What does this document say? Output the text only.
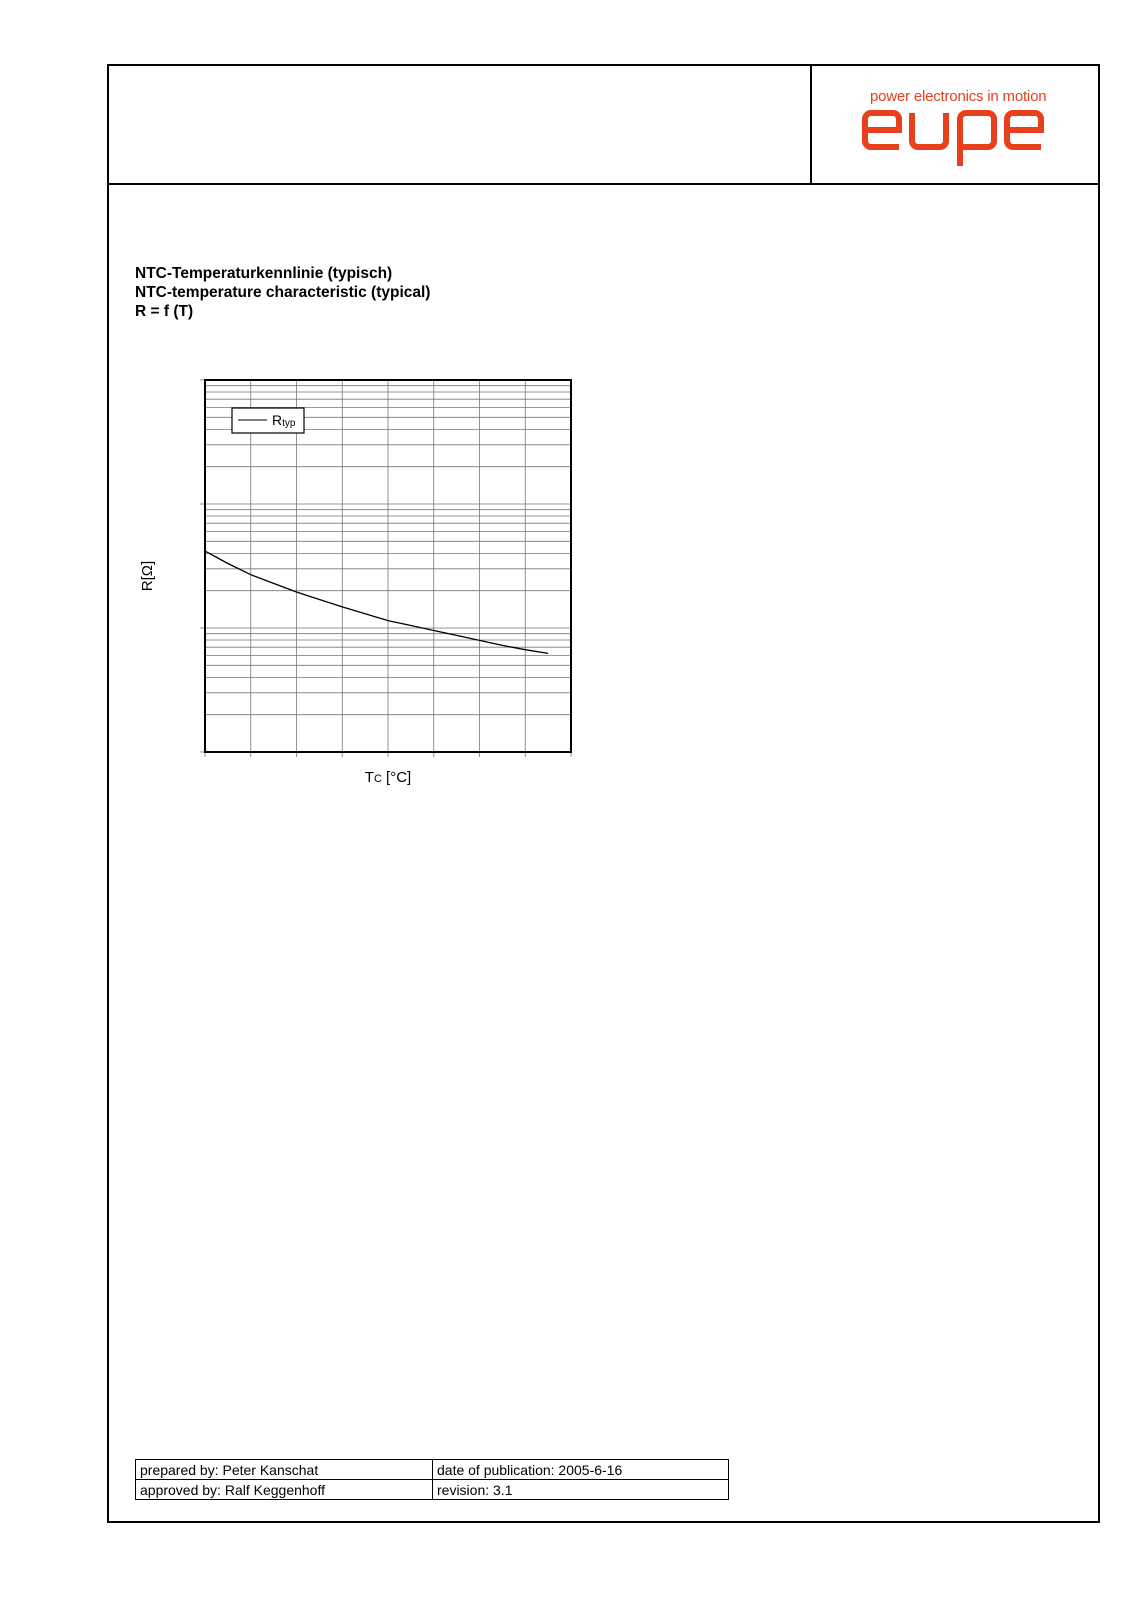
power electronics in motion
NTC-Temperaturkennlinie (typisch)
NTC-temperature characteristic (typical)
R = f (T)
Rtyp
R[Ω]
TC [°C]
prepared by: Peter Kanschat	date of publication: 2005-6-16
approved by: Ralf Keggenhoff	revision: 3.1
